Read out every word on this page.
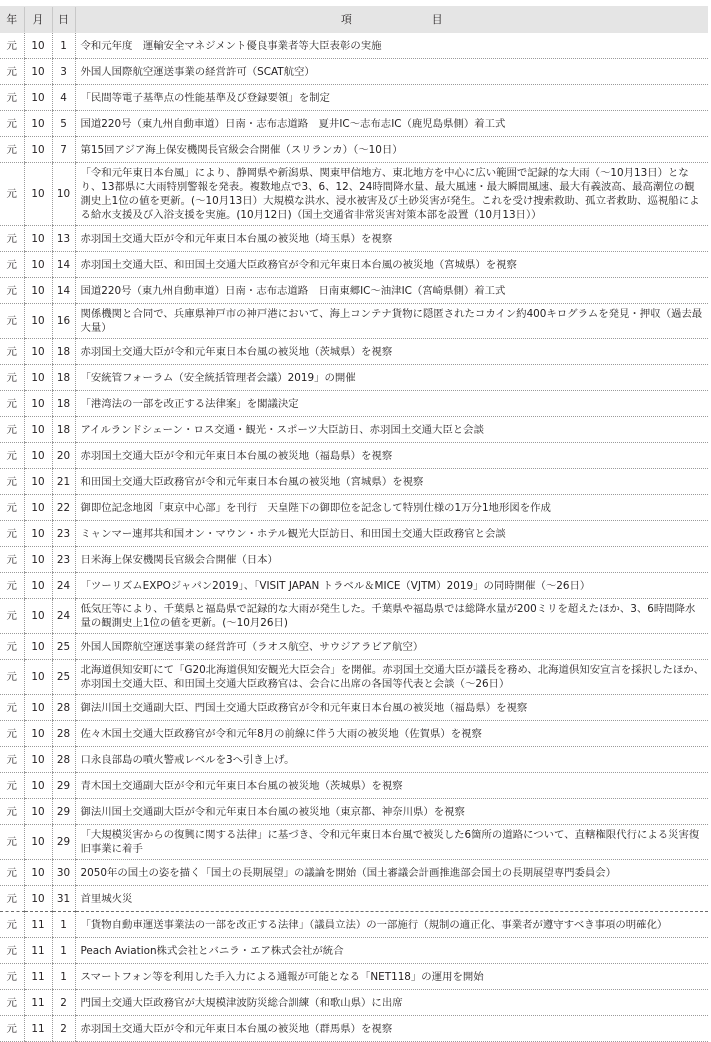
年	月	日	項 目
元	10	1	令和元年度　運輸安全マネジメント優良事業者等大臣表彰の実施
元	10	3	外国人国際航空運送事業の経営許可（SCAT航空）
元	10	4	「民間等電子基準点の性能基準及び登録要領」を制定
元	10	5	国道220号（東九州自動車道）日南・志布志道路　夏井IC〜志布志IC（鹿児島県側）着工式
元	10	7	第15回アジア海上保安機関長官級会合開催（スリランカ）（〜10日）
元	10	10	「令和元年東日本台風」により、静岡県や新潟県、関東甲信地方、東北地方を中心に広い範囲で記録的な大雨（〜10月13日）となり、13都県に大雨特別警報を発表。複数地点で3、6、12、24時間降水量、最大風速・最大瞬間風速、最大有義波高、最高潮位の観測史上1位の値を更新。(〜10月13日）大規模な洪水、浸水被害及び土砂災害が発生。これを受け捜索救助、孤立者救助、巡視船による給水支援及び入浴支援を実施。(10月12日)（国土交通省非常災害対策本部を設置（10月13日））
元	10	13	赤羽国土交通大臣が令和元年東日本台風の被災地（埼玉県）を視察
元	10	14	赤羽国土交通大臣、和田国土交通大臣政務官が令和元年東日本台風の被災地（宮城県）を視察
元	10	14	国道220号（東九州自動車道）日南・志布志道路　日南東郷IC〜油津IC（宮崎県側）着工式
元	10	16	関係機関と合同で、兵庫県神戸市の神戸港において、海上コンテナ貨物に隠匿されたコカイン約400キログラムを発見・押収（過去最大量）
元	10	18	赤羽国土交通大臣が令和元年東日本台風の被災地（茨城県）を視察
元	10	18	「安統管フォーラム（安全統括管理者会議）2019」の開催
元	10	18	「港湾法の一部を改正する法律案」を閣議決定
元	10	18	アイルランドシェーン・ロス交通・観光・スポーツ大臣訪日、赤羽国土交通大臣と会談
元	10	20	赤羽国土交通大臣が令和元年東日本台風の被災地（福島県）を視察
元	10	21	和田国土交通大臣政務官が令和元年東日本台風の被災地（宮城県）を視察
元	10	22	御即位記念地図「東京中心部」を刊行　天皇陛下の御即位を記念して特別仕様の1万分1地形図を作成
元	10	23	ミャンマー連邦共和国オン・マウン・ホテル観光大臣訪日、和田国土交通大臣政務官と会談
元	10	23	日米海上保安機関長官級会合開催（日本）
元	10	24	「ツーリズムEXPOジャパン2019」、「VISIT JAPAN トラベル＆MICE（VJTM）2019」の同時開催（〜26日）
元	10	24	低気圧等により、千葉県と福島県で記録的な大雨が発生した。千葉県や福島県では総降水量が200ミリを超えたほか、3、6時間降水量の観測史上1位の値を更新。(〜10月26日)
元	10	25	外国人国際航空運送事業の経営許可（ラオス航空、サウジアラビア航空）
元	10	25	北海道倶知安町にて「G20北海道倶知安観光大臣会合」を開催。赤羽国土交通大臣が議長を務め、北海道倶知安宣言を採択したほか、赤羽国土交通大臣、和田国土交通大臣政務官は、会合に出席の各国等代表と会談（〜26日）
元	10	28	御法川国土交通副大臣、門国土交通大臣政務官が令和元年東日本台風の被災地（福島県）を視察
元	10	28	佐々木国土交通大臣政務官が令和元年8月の前線に伴う大雨の被災地（佐賀県）を視察
元	10	28	口永良部島の噴火警戒レベルを3へ引き上げ。
元	10	29	青木国土交通副大臣が令和元年東日本台風の被災地（茨城県）を視察
元	10	29	御法川国土交通副大臣が令和元年東日本台風の被災地（東京都、神奈川県）を視察
元	10	29	「大規模災害からの復興に関する法律」に基づき、令和元年東日本台風で被災した6箇所の道路について、直轄権限代行による災害復旧事業に着手
元	10	30	2050年の国土の姿を描く「国土の長期展望」の議論を開始（国土審議会計画推進部会国土の長期展望専門委員会）
元	10	31	首里城火災
元	11	1	「貨物自動車運送事業法の一部を改正する法律」（議員立法）の一部施行（規制の適正化、事業者が遵守すべき事項の明確化）
元	11	1	Peach Aviation株式会社とバニラ・エア株式会社が統合
元	11	1	スマートフォン等を利用した手入力による通報が可能となる「NET118」の運用を開始
元	11	2	門国土交通大臣政務官が大規模津波防災総合訓練（和歌山県）に出席
元	11	2	赤羽国土交通大臣が令和元年東日本台風の被災地（群馬県）を視察
